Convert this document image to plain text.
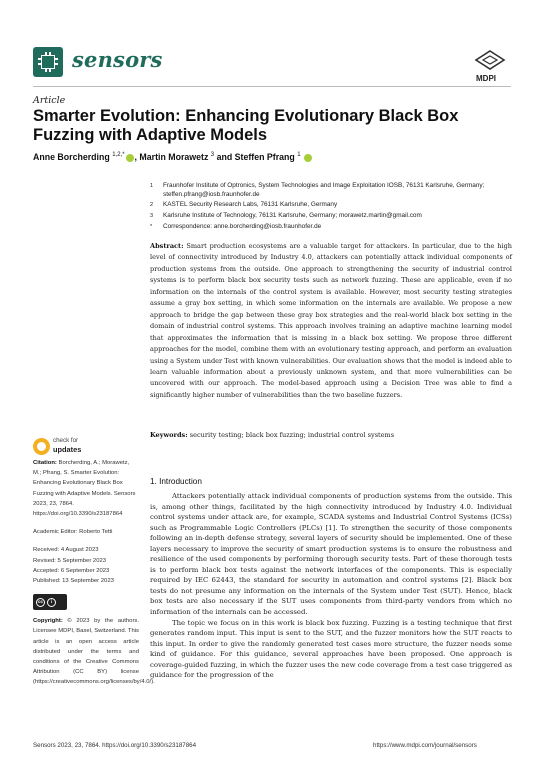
sensors
MDPI
Article
Smarter Evolution: Enhancing Evolutionary Black Box Fuzzing with Adaptive Models
Anne Borcherding $^{1,2,*}$ , Martin Morawetz $^3$ and Steffen Pfrang $^1$
1 Fraunhofer Institute of Optronics, System Technologies and Image Exploitation IOSB, 76131 Karlsruhe, Germany; steffen.pfrang@iosb.fraunhofer.de
2 KASTEL Security Research Labs, 76131 Karlsruhe, Germany
3 Karlsruhe Institute of Technology, 76131 Karlsruhe, Germany; morawetz.martin@gmail.com
* Correspondence: anne.borcherding@iosb.fraunhofer.de
Abstract: Smart production ecosystems are a valuable target for attackers. In particular, due to the high level of connectivity introduced by Industry 4.0, attackers can potentially attack individual components of production systems from the outside. One approach to strengthening the security of industrial control systems is to perform black box security tests such as network fuzzing. These are applicable, even if no information on the internals of the control system is available. However, most security testing strategies assume a gray box setting, in which some information on the internals are available. We propose a new approach to bridge the gap between these gray box strategies and the real-world black box setting in the domain of industrial control systems. This approach involves training an adaptive machine learning model that approximates the information that is missing in a black box setting. We propose three different approaches for the model, combine them with an evolutionary testing approach, and perform an evaluation using a System under Test with known vulnerabilities. Our evaluation shows that the model is indeed able to learn valuable information about a previously unknown system, and that more vulnerabilities can be uncovered with our approach. The model-based approach using a Decision Tree was able to find a significantly higher number of vulnerabilities than the two baseline fuzzers.
Keywords: security testing; black box fuzzing; industrial control systems
check for
updates
Citation: Borcherding, A.; Morawetz, M.; Pfrang, S. Smarter Evolution: Enhancing Evolutionary Black Box Fuzzing with Adaptive Models. Sensors 2023, 23, 7864. https://doi.org/10.3390/s23187864
Academic Editor: Roberto Tetti
Received: 4 August 2023
Revised: 5 September 2023
Accepted: 6 September 2023
Published: 13 September 2023
cc	i
Copyright: © 2023 by the authors. Licensee MDPI, Basel, Switzerland. This article is an open access article distributed under the terms and conditions of the Creative Commons Attribution (CC BY) license (https://creativecommons.org/licenses/by/4.0/).
1. Introduction

Attackers potentially attack individual components of production systems from the outside. This is, among other things, facilitated by the high connectivity introduced by Industry 4.0. Individual control systems under attack are, for example, SCADA systems and Industrial Control Systems (ICSs) such as Programmable Logic Controllers (PLCs) [1]. To strengthen the security of those components following an in-depth defense strategy, several layers of security should be implemented. One of these layers necessary to improve the security of smart production systems is to ensure the robustness and resilience of the used components by performing thorough security tests. Part of these thorough tests is to perform black box tests against the network interfaces of the components. This is especially required by IEC 62443, the standard for security in automation and control systems [2]. Black box tests do not presume any information on the internals of the System under Test (SUT). Hence, black box tests are also necessary if the SUT uses components from third-party vendors from which no information of the internals can be accessed.

The topic we focus on in this work is black box fuzzing. Fuzzing is a testing technique that first generates random input. This input is sent to the SUT, and the fuzzer monitors how the SUT reacts to this input. In order to give the randomly generated test cases more structure, the fuzzer needs some kind of guidance. For this guidance, several approaches have been proposed. One approach is coverage-guided fuzzing, in which the fuzzer uses the new code coverage from a test case triggered as guidance for the progression of the

Sensors 2023, 23, 7864. https://doi.org/10.3390/s23187864	https://www.mdpi.com/journal/sensors
